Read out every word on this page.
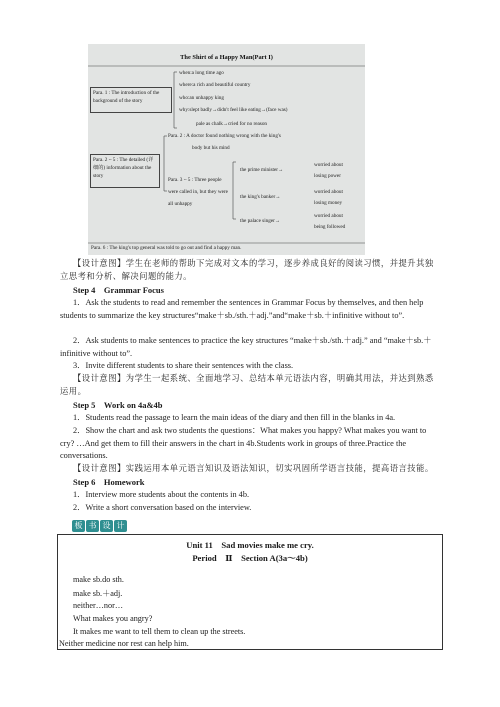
The Shirt of a Happy Man(Part I)
Para. 1 : The introduction of the background of the story
when:a long time ago
where:a rich and beautiful country
who:an unhappy king
why:slept badly→didn't feel like eating→(face was)
pale as chalk→cried for no reason
Para. 2 : A doctor found nothing wrong with the king's
body but his mind
Para. 2 ~ 5 : The detailed (详细的) information about the story
Para. 3 ~ 5 : Three people were called in, but they were all unhappy
the prime minister→
worried about
losing power
the king's banker→
worried about
losing money
the palace singer→
worried about
being followed
Para. 6 : The king's top general was told to go out and find a happy man.
【设计意图】学生在老师的帮助下完成对文本的学习，逐步养成良好的阅读习惯，并提升其独立思考和分析、解决问题的能力。
Step 4　Grammar Focus
1．Ask the students to read and remember the sentences in Grammar Focus by themselves, and then help students to summarize the key structures“make＋sb./sth.＋adj.”and“make＋sb.＋infinitive without to”.
2．Ask students to make sentences to practice the key structures “make＋sb./sth.＋adj.” and “make＋sb.＋infinitive without to”.
3．Invite different students to share their sentences with the class.
【设计意图】为学生一起系统、全面地学习、总结本单元语法内容，明确其用法，并达到熟悉运用。
Step 5　Work on 4a&4b
1．Students read the passage to learn the main ideas of the diary and then fill in the blanks in 4a.
2．Show the chart and ask two students the questions：What makes you happy? What makes you want to cry? …And get them to fill their answers in the chart in 4b.Students work in groups of three.Practice the conversations.
【设计意图】实践运用本单元语言知识及语法知识，切实巩固所学语言技能，提高语言技能。
Step 6　Homework
1．Interview more students about the contents in 4b.
2．Write a short conversation based on the interview.
板 书 设 计
Unit 11　Sad movies make me cry.
Period　Ⅱ　Section A(3a～4b)
make sb.do sth.
make sb.＋adj.
neither…nor…
What makes you angry?
It makes me want to tell them to clean up the streets.
Neither medicine nor rest can help him.
